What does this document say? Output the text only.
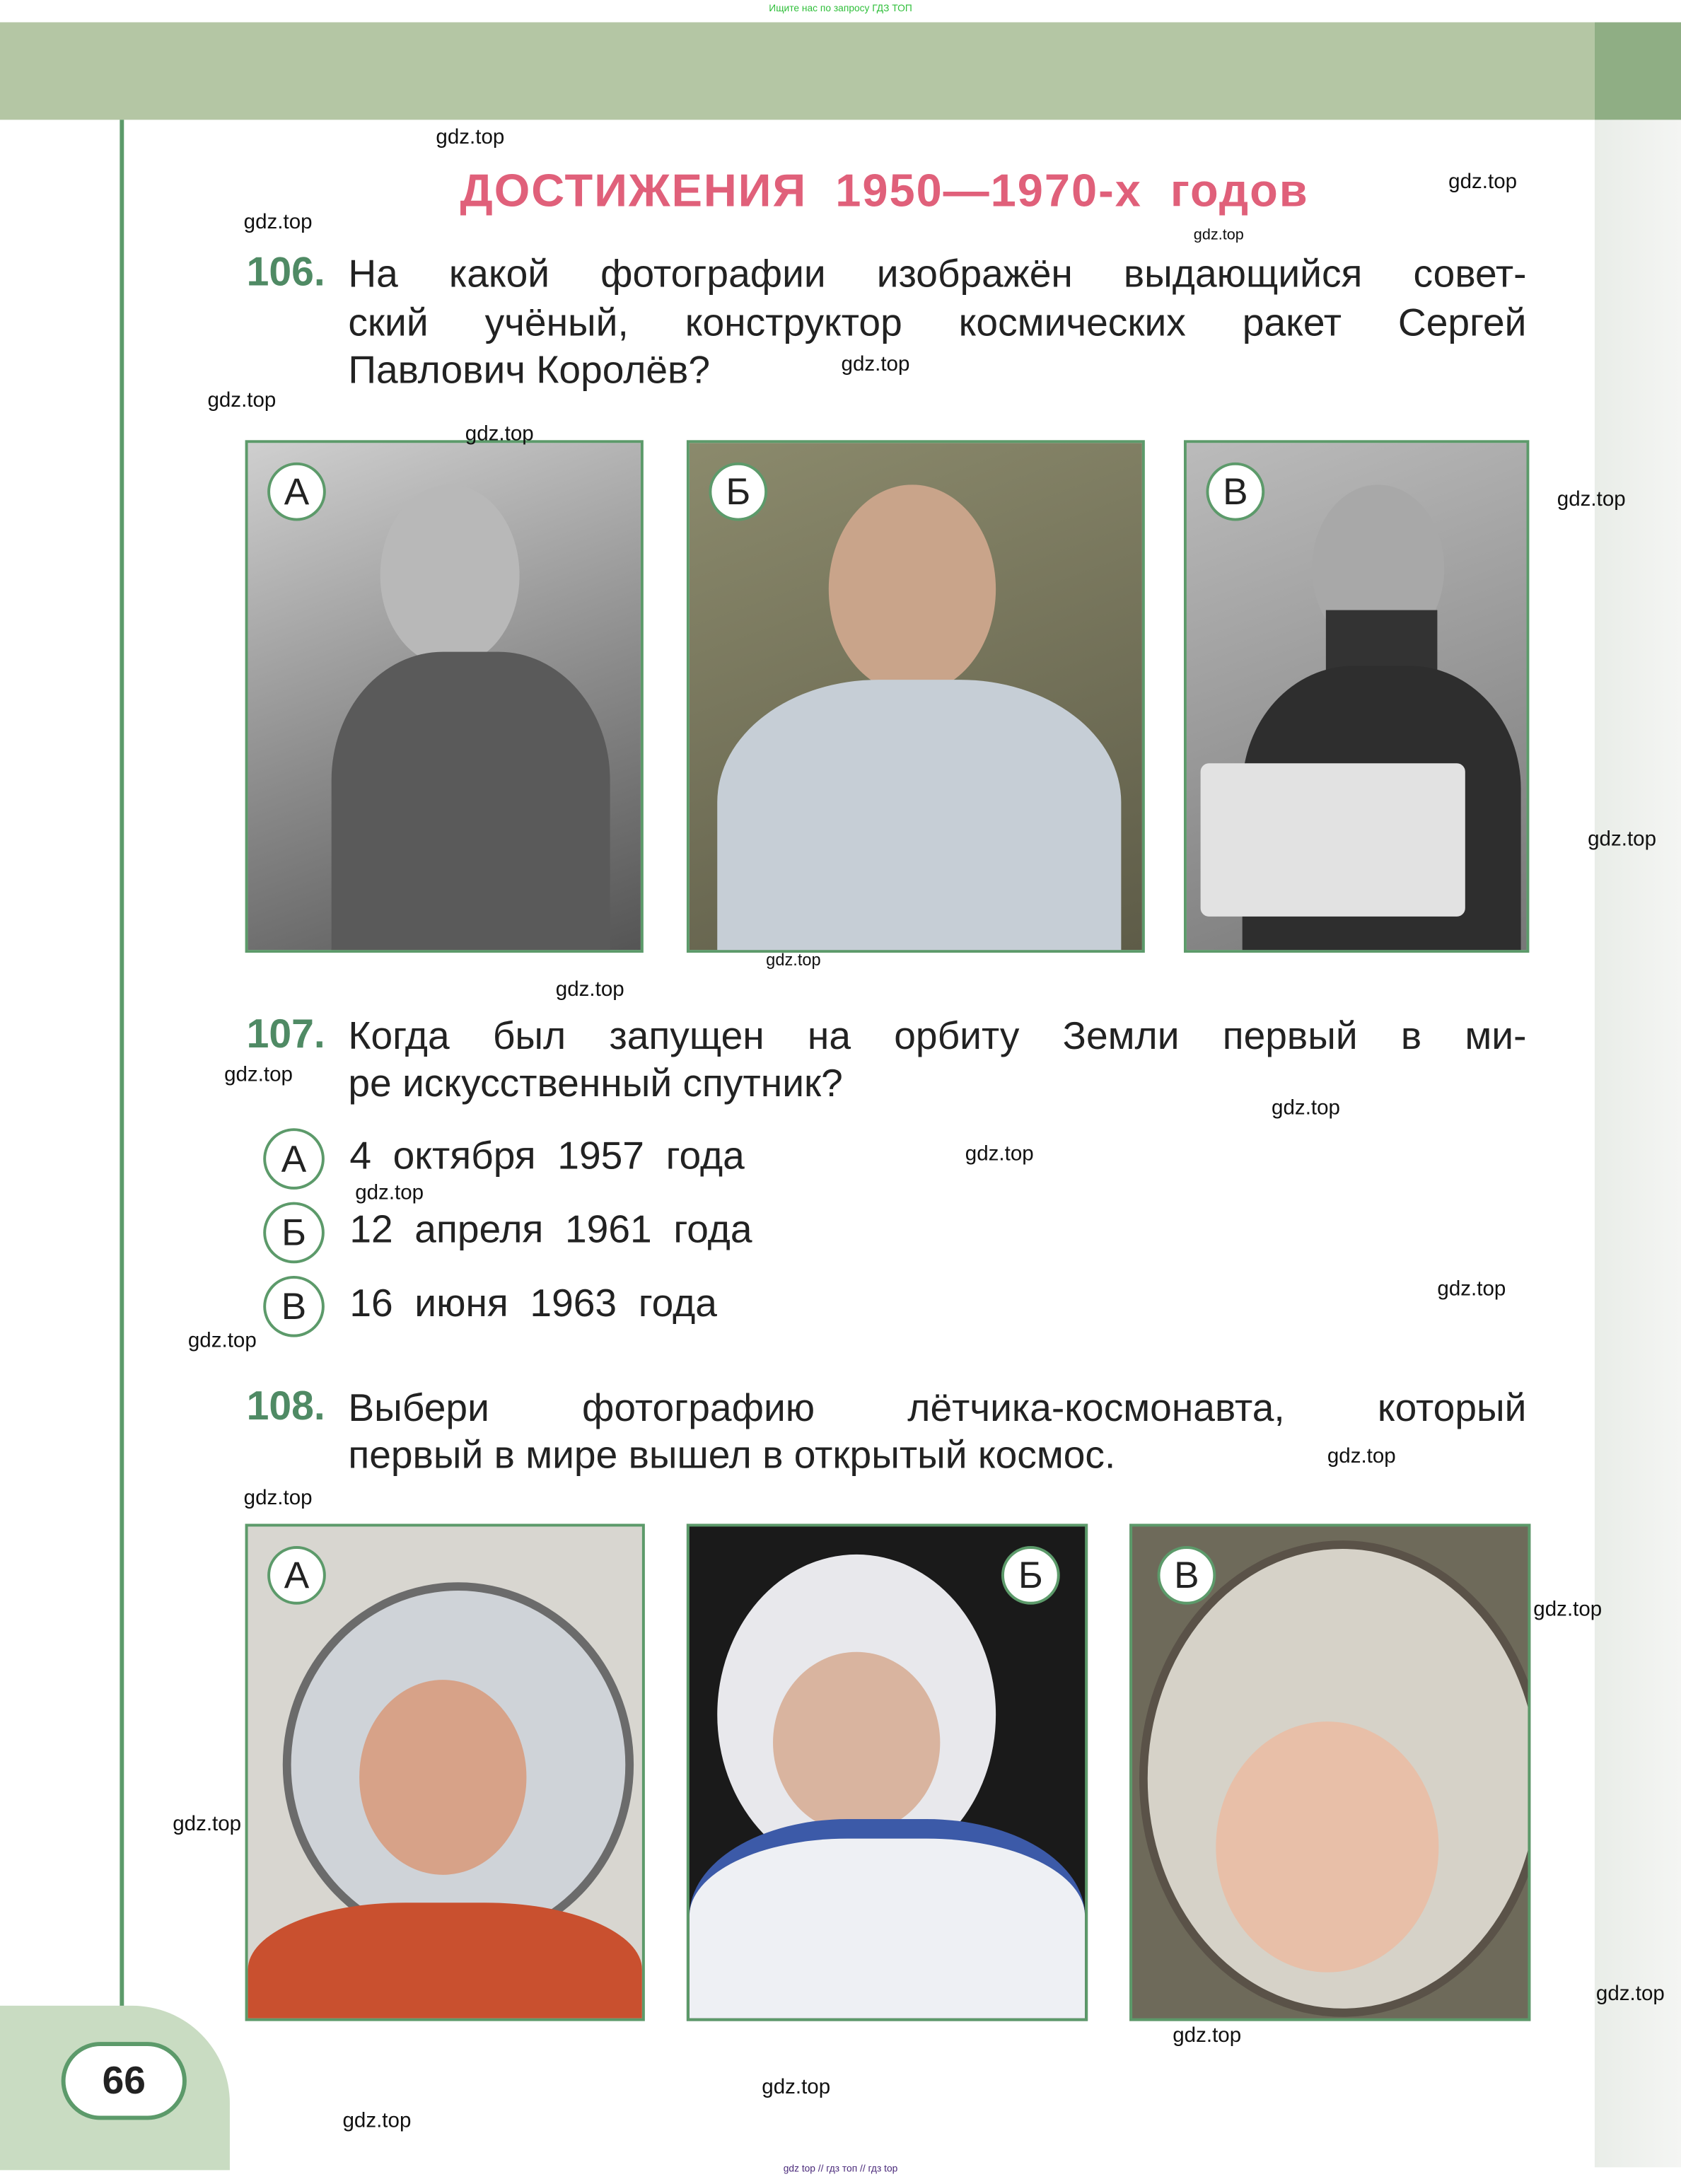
Ищите нас по запросу ГДЗ ТОП
66
ДОСТИЖЕНИЯ  1950—1970-х  годов
106. На какой фотографии изображён выдающийся совет-
ский учёный, конструктор космических ракет Сергей
Павлович Королёв?
А	Б	В
107. Когда был запущен на орбиту Земли первый в ми-
ре искусственный спутник?
А	4  октября  1957  года
Б	12  апреля  1961  года
В	16  июня  1963  года
108. Выбери фотографию лётчика-космонавта, который
первый в мире вышел в открытый космос.
А	Б	В
gdz.top
gdz.top
gdz.top
gdz.top
gdz.top
gdz.top
gdz.top
gdz.top
gdz.top
gdz.top
gdz.top
gdz.top
gdz.top
gdz.top
gdz.top
gdz.top
gdz.top
gdz.top
gdz.top
gdz.top
gdz.top
gdz.top
gdz.top
gdz.top
gdz.top
gdz top // гдз топ // гдз top
